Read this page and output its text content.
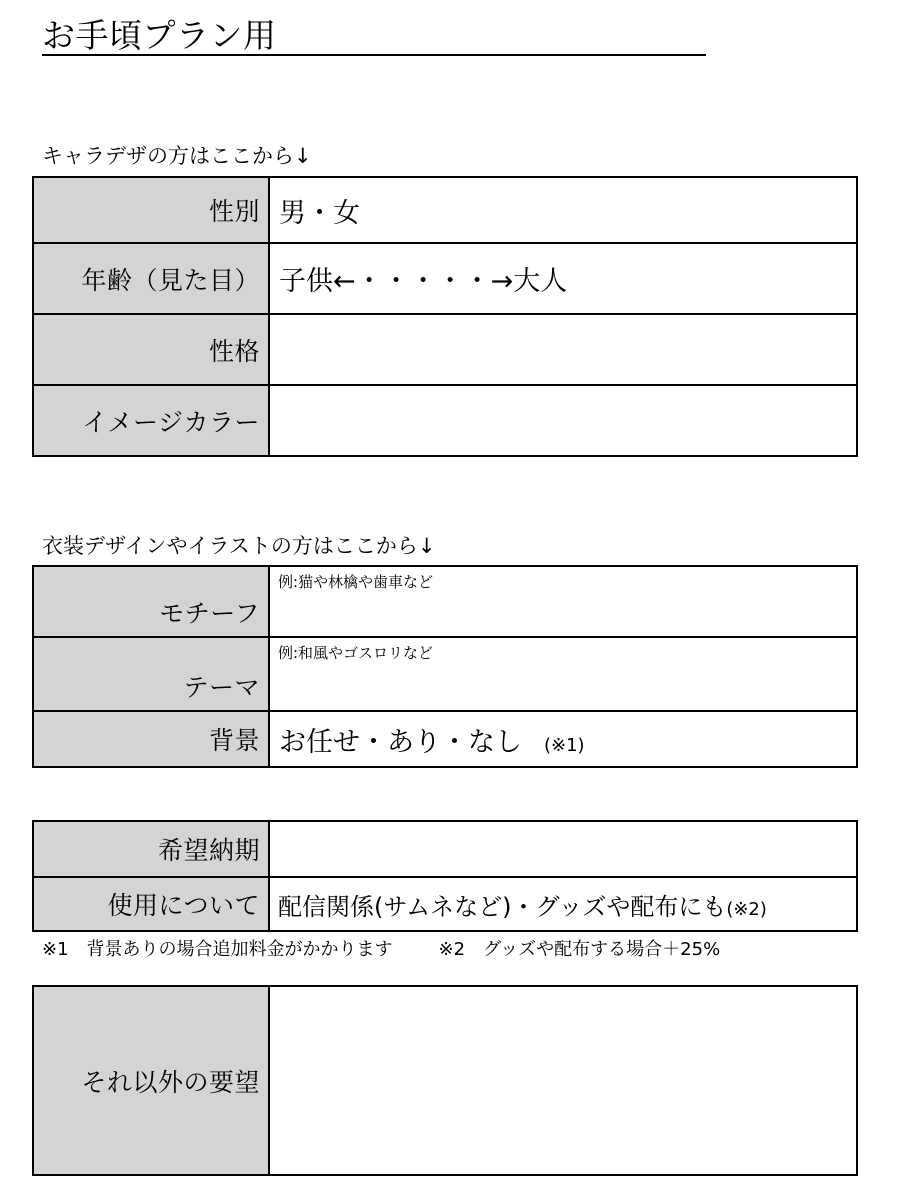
お手頃プラン用
キャラデザの方はここから↓
性別	男・女
年齢（見た目）	子供←・・・・・→大人
性格	
イメージカラー	
衣装デザインやイラストの方はここから↓
モチーフ	例:猫や林檎や歯車など

テーマ	例:和風やゴスロリなど

背景	お任せ・あり・なし (※1)
希望納期	
使用について	配信関係(サムネなど)・グッズや配布にも(※2)
※1　背景ありの場合追加料金がかかります	※2　グッズや配布する場合＋25%
それ以外の要望	
